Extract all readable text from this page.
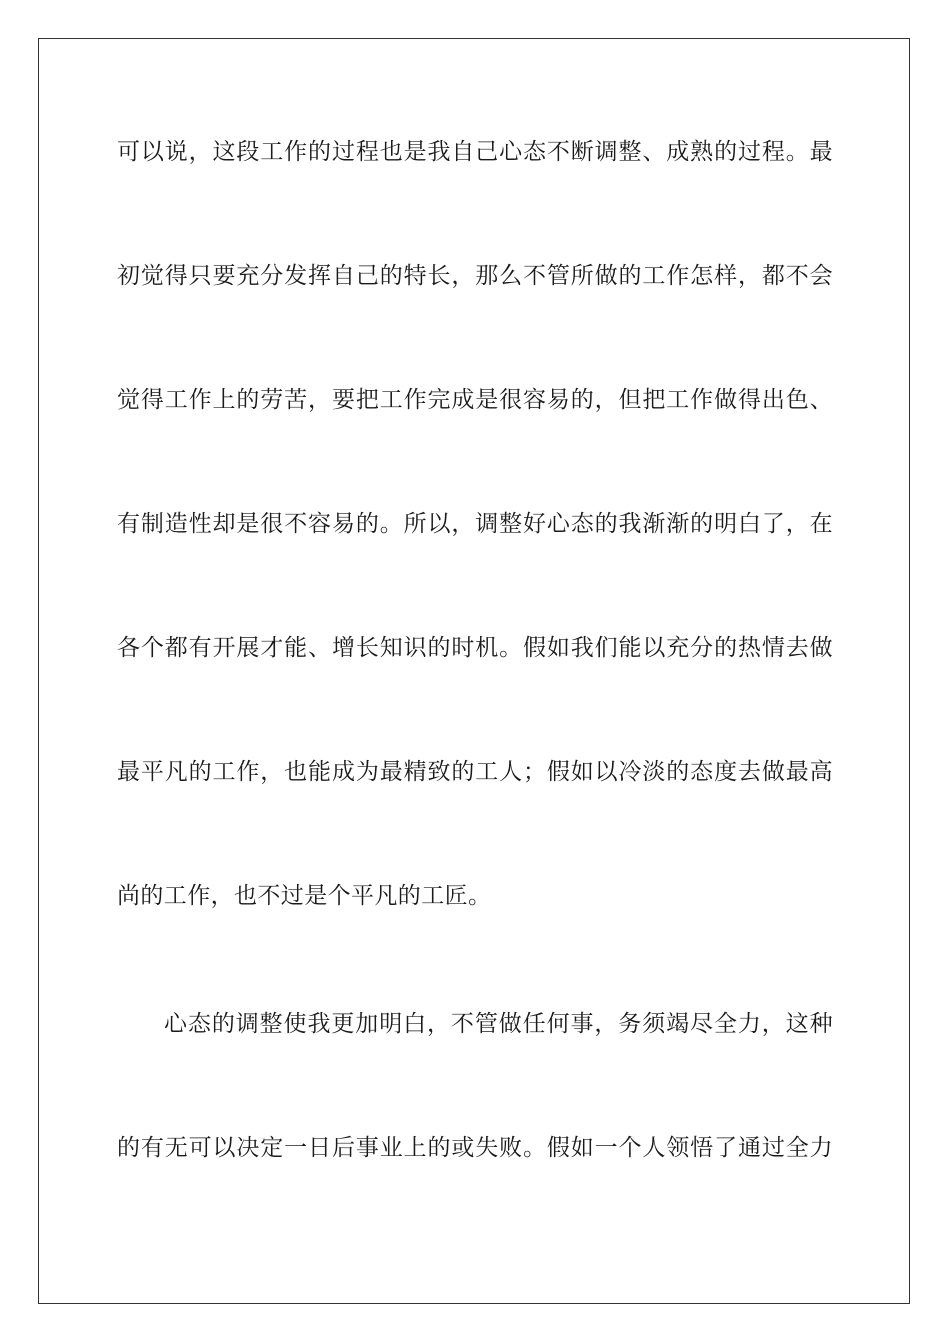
可以说，这段工作的过程也是我自己心态不断调整、成熟的过程。最
初觉得只要充分发挥自己的特长，那么不管所做的工作怎样，都不会
觉得工作上的劳苦，要把工作完成是很容易的，但把工作做得出色、
有制造性却是很不容易的。所以，调整好心态的我渐渐的明白了，在
各个都有开展才能、增长知识的时机。假如我们能以充分的热情去做
最平凡的工作，也能成为最精致的工人；假如以冷淡的态度去做最高
尚的工作，也不过是个平凡的工匠。
心态的调整使我更加明白，不管做任何事，务须竭尽全力，这种
的有无可以决定一日后事业上的或失败。假如一个人领悟了通过全力
